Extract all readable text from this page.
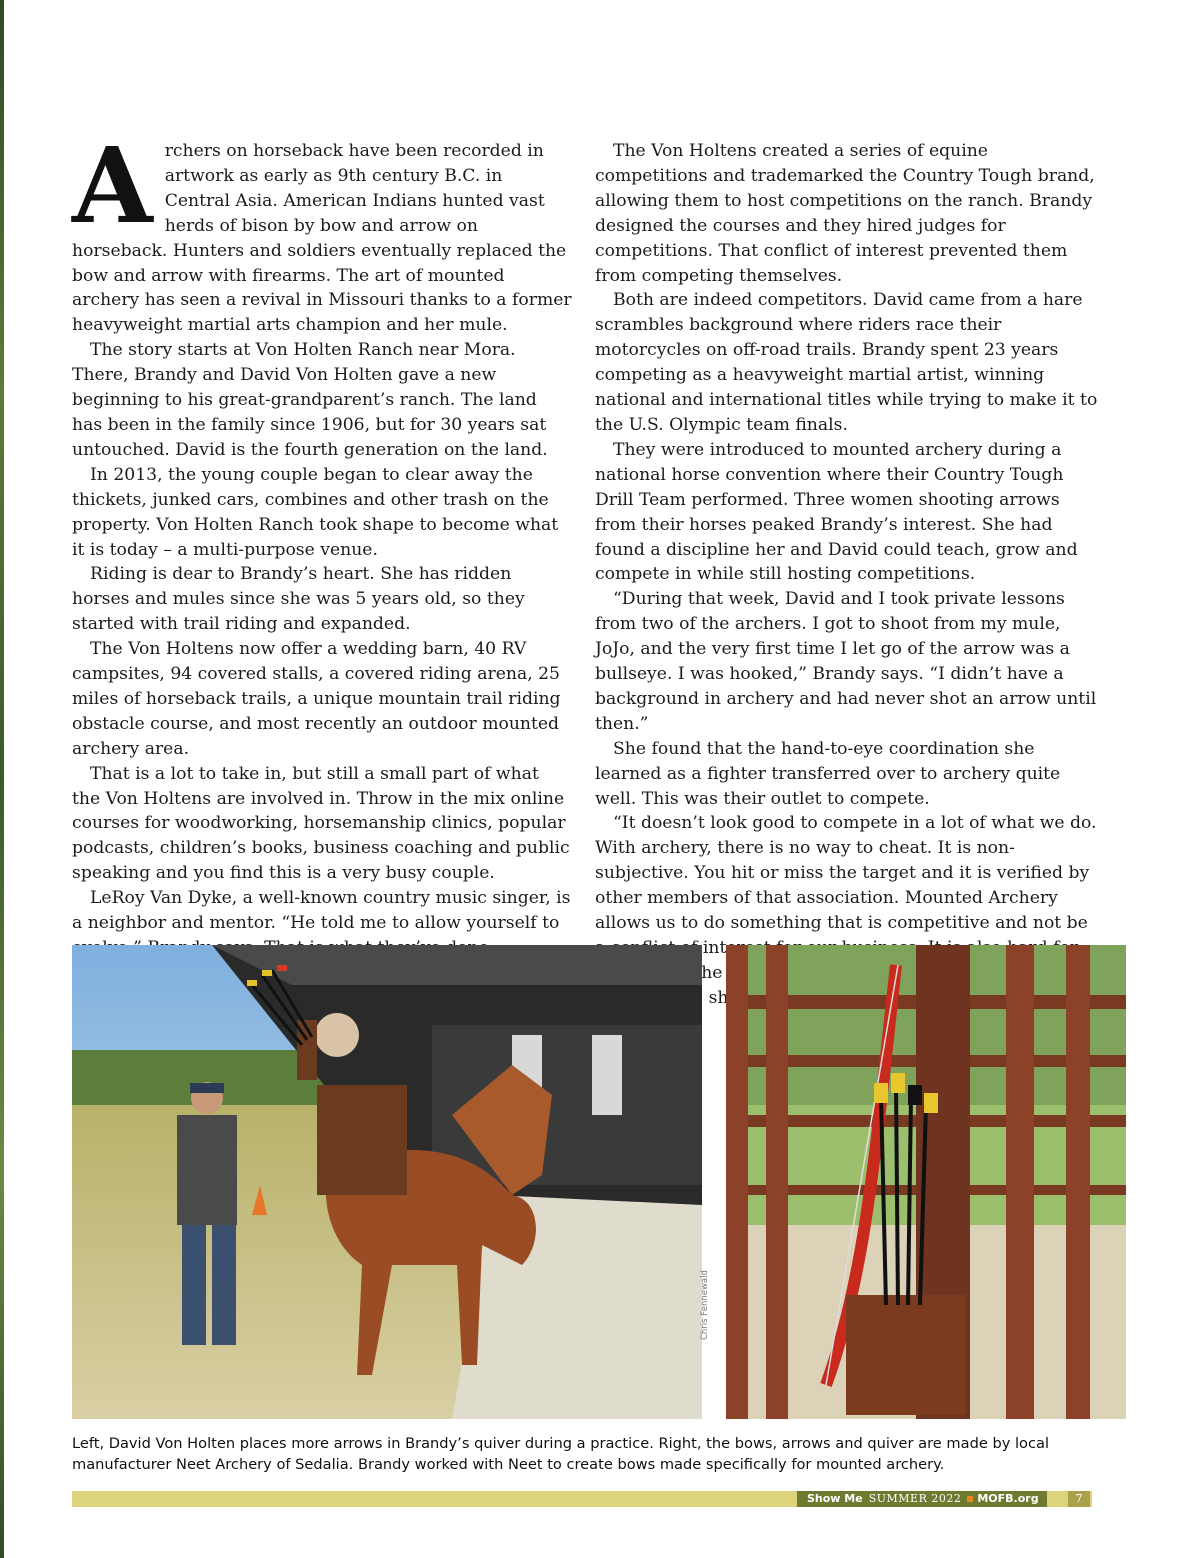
Archers on horseback have been recorded in artwork as early as 9th century B.C. in Central Asia. American Indians hunted vast herds of bison by bow and arrow on horseback. Hunters and soldiers eventually replaced the bow and arrow with firearms. The art of mounted archery has seen a revival in Missouri thanks to a former heavyweight martial arts champion and her mule.

The story starts at Von Holten Ranch near Mora. There, Brandy and David Von Holten gave a new beginning to his great-grandparent’s ranch. The land has been in the family since 1906, but for 30 years sat untouched. David is the fourth generation on the land.

In 2013, the young couple began to clear away the thickets, junked cars, combines and other trash on the property. Von Holten Ranch took shape to become what it is today – a multi-purpose venue.

Riding is dear to Brandy’s heart. She has ridden horses and mules since she was 5 years old, so they started with trail riding and expanded.

The Von Holtens now offer a wedding barn, 40 RV campsites, 94 covered stalls, a covered riding arena, 25 miles of horseback trails, a unique mountain trail riding obstacle course, and most recently an outdoor mounted archery area.

That is a lot to take in, but still a small part of what the Von Holtens are involved in. Throw in the mix online courses for woodworking, horsemanship clinics, popular podcasts, children’s books, business coaching and public speaking and you find this is a very busy couple.

LeRoy Van Dyke, a well-known country music singer, is a neighbor and mentor. “He told me to allow yourself to

The Von Holtens created a series of equine competitions and trademarked the Country Tough brand, allowing them to host competitions on the ranch. Brandy designed the courses and they hired judges for competitions. That conflict of interest prevented them from competing themselves.

Both are indeed competitors. David came from a hare scrambles background where riders race their motorcycles on off-road trails. Brandy spent 23 years competing as a heavyweight martial artist, winning national and international titles while trying to make it to the U.S. Olympic team finals.

They were introduced to mounted archery during a national horse convention where their Country Tough Drill Team performed. Three women shooting arrows from their horses peaked Brandy’s interest. She had found a discipline her and David could teach, grow and compete in while still hosting competitions.

“During that week, David and I took private lessons from two of the archers. I got to shoot from my mule, JoJo, and the very first time I let go of the arrow was a bullseye. I was hooked,” Brandy says. “I didn’t have a background in archery and had never shot an arrow until then.”

She found that the hand-to-eye coordination she learned as a fighter transferred over to archery quite well. This was their outlet to compete.

“It doesn’t look good to compete in a lot of what we do. With archery, there is no way to cheat. It is non-subjective. You hit or miss the target and it is verified by other members of that association. Mounted Archery allows us to do something that is competitive and not be the she

Chris Fennewald
Left, David Von Holten places more arrows in Brandy’s quiver during a practice. Right, the bows, arrows and quiver are made by local manufacturer Neet Archery of Sedalia. Brandy worked with Neet to create bows made specifically for mounted archery.
Show Me SUMMER 2022 MOFB.org	7
